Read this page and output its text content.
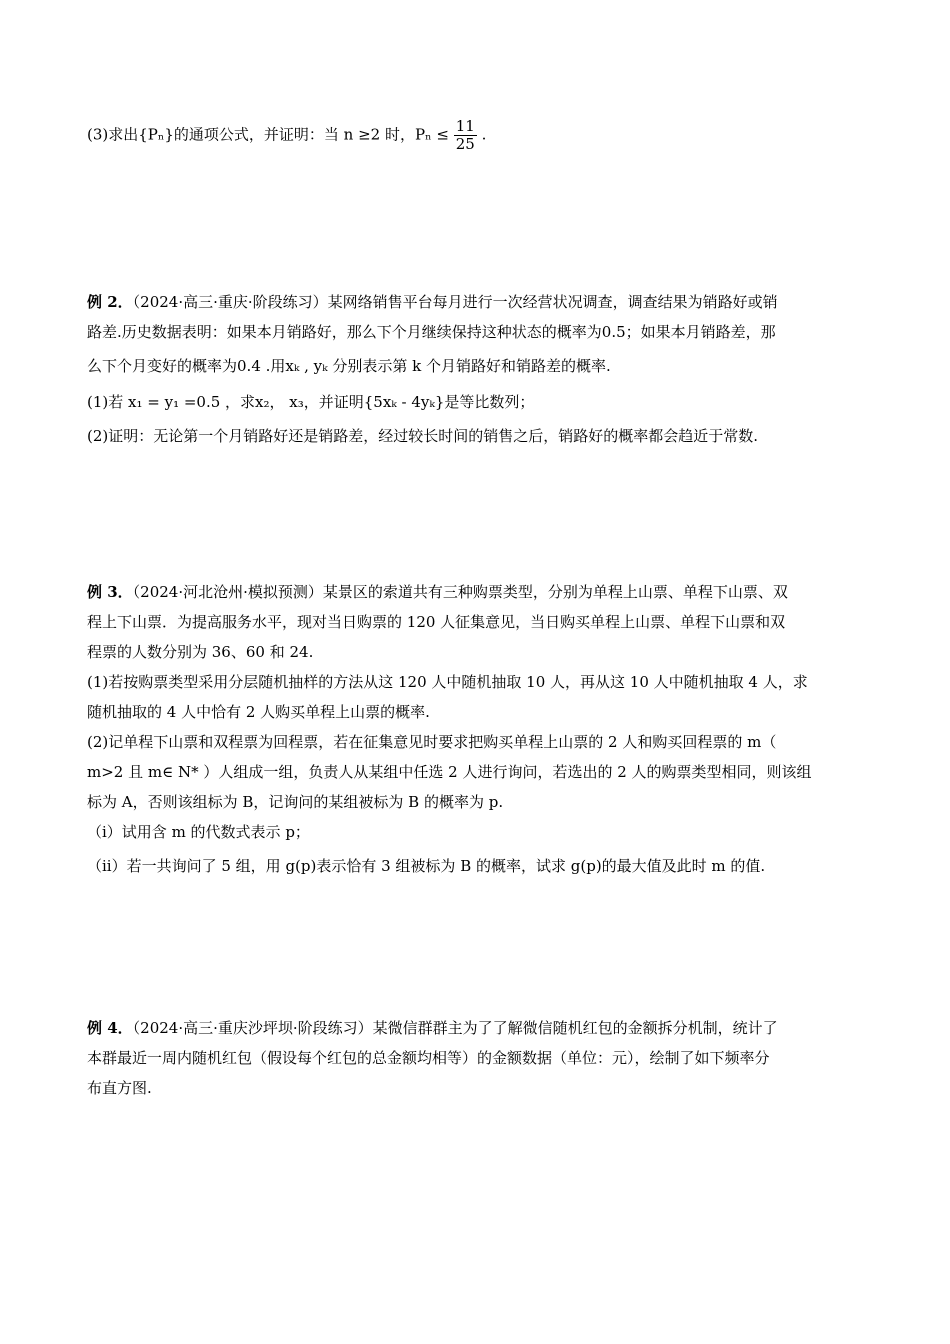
(3)求出{Pₙ}的通项公式，并证明：当 n ≥2 时，$P_n \le \frac{11}{25}$ .
例 2．（2024·高三·重庆·阶段练习）某网络销售平台每月进行一次经营状况调查，调查结果为销路好或销
路差.历史数据表明：如果本月销路好，那么下个月继续保持这种状态的概率为0.5；如果本月销路差，那
么下个月变好的概率为0.4 .用xₖ , yₖ 分别表示第 k 个月销路好和销路差的概率.
(1)若 x₁ = y₁ =0.5 ，求x₂， x₃，并证明{5xₖ - 4yₖ}是等比数列；
(2)证明：无论第一个月销路好还是销路差，经过较长时间的销售之后，销路好的概率都会趋近于常数.
例 3．（2024·河北沧州·模拟预测）某景区的索道共有三种购票类型，分别为单程上山票、单程下山票、双
程上下山票．为提高服务水平，现对当日购票的 120 人征集意见，当日购买单程上山票、单程下山票和双
程票的人数分别为 36、60 和 24.
(1)若按购票类型采用分层随机抽样的方法从这 120 人中随机抽取 10 人，再从这 10 人中随机抽取 4 人，求
随机抽取的 4 人中恰有 2 人购买单程上山票的概率.
(2)记单程下山票和双程票为回程票，若在征集意见时要求把购买单程上山票的 2 人和购买回程票的 m（
m>2 且 m∈ N* ）人组成一组，负责人从某组中任选 2 人进行询问，若选出的 2 人的购票类型相同，则该组
标为 A，否则该组标为 B，记询问的某组被标为 B 的概率为 p.
（i）试用含 m 的代数式表示 p；
（ii）若一共询问了 5 组，用 g(p)表示恰有 3 组被标为 B 的概率，试求 g(p)的最大值及此时 m 的值.
例 4．（2024·高三·重庆沙坪坝·阶段练习）某微信群群主为了了解微信随机红包的金额拆分机制，统计了
本群最近一周内随机红包（假设每个红包的总金额均相等）的金额数据（单位：元），绘制了如下频率分
布直方图.
